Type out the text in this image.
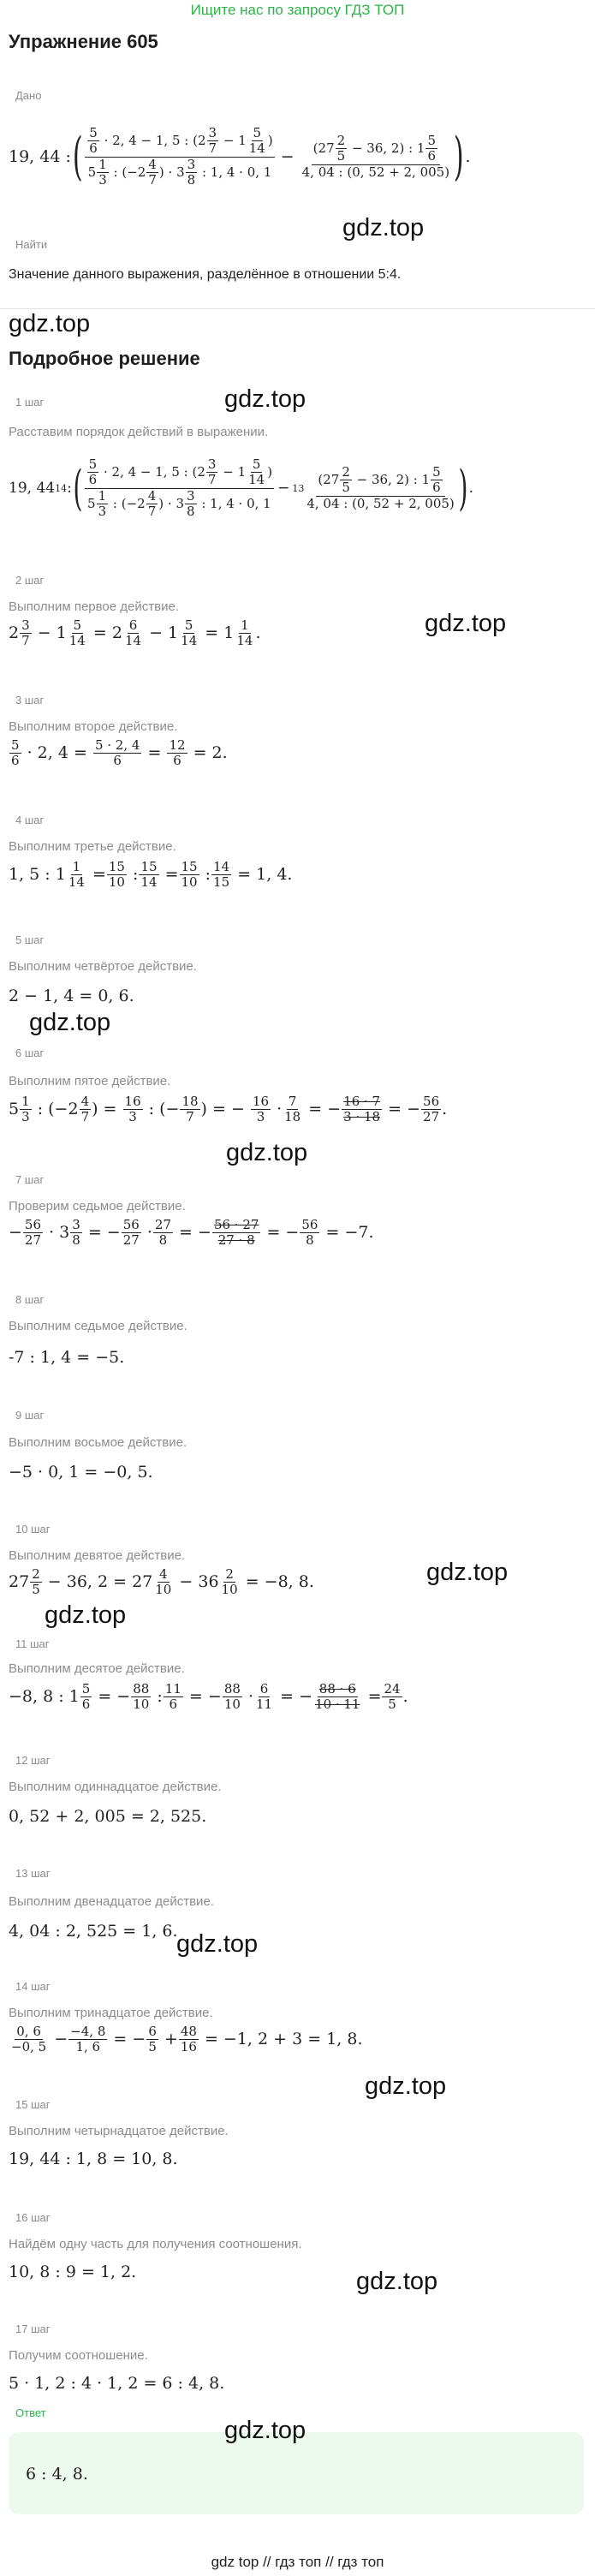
Ищите нас по запросу ГДЗ ТОП
Упражнение 605
Дано
19, 44 : ( $\frac{\frac{5}{6} \cdot 2, 4 - 1, 5 : (2 \frac{3}{7} - 1 \frac{5}{14} )}{5 \frac{1}{3} : (-2 \frac{4}{7} ) \cdot 3 \frac{3}{8} : 1, 4 \cdot 0, 1} - \frac{(27 \frac{2}{5} - 36, 2) : 1 \frac{5}{6}}{4, 04 : (0, 52 + 2, 005)}$ ) .
gdz.top
Найти
Значение данного выражения, разделённое в отношении 5:4.
gdz.top
Подробное решение
gdz.top
1 шаг
Расставим порядок действий в выражении.
19, 44 14 : ( $\frac{\frac{5}{6} \cdot 2, 4 - 1, 5 : (2 \frac{3}{7} - 1 \frac{5}{14} )}{5 \frac{1}{3} : (-2 \frac{4}{7} ) \cdot 3 \frac{3}{8} : 1, 4 \cdot 0, 1} - 13 \frac{(27 \frac{2}{5} - 36, 2) : 1 \frac{5}{6}}{4, 04 : (0, 52 + 2, 005)}$ ) .
2 шаг
Выполним первое действие.
$2 \frac{3}{7} - 1 \frac{5}{14} = 2 \frac{6}{14} - 1 \frac{5}{14} = 1 \frac{1}{14}$ .	gdz.top
3 шаг
Выполним второе действие.
$\frac{5}{6} \cdot 2$, $4 = \frac{5 \cdot 2, 4}{6} = \frac{12}{6} = 2$.
4 шаг
Выполним третье действие.
1, 5 : $1 \frac{1}{14} = \frac{15}{10}$ : $\frac{15}{14} = \frac{15}{10}$ : $\frac{14}{15} = 1$, 4.
5 шаг
Выполним четвёртое действие.
2 − 1, 4 = 0, 6.
gdz.top
6 шаг
Выполним пятое действие.
$5 \frac{1}{3}$ : ($-2 \frac{4}{7}$ ) = $\frac{16}{3}$ : (− $\frac{18}{7}$ ) = − $\frac{16}{3} \cdot \frac{7}{18}$ = − $\frac{16 \cdot 7}{3 \cdot 18}$ = − $\frac{56}{27}$ .
gdz.top
7 шаг
Проверим седьмое действие.
− $\frac{56}{27} \cdot 3 \frac{3}{8}$ = − $\frac{56}{27} \cdot \frac{27}{8}$ = − $\frac{56 \cdot 27}{27 \cdot 8}$ = − $\frac{56}{8} = -7$.
8 шаг
Выполним седьмое действие.
-7 : 1, 4 = −5.
9 шаг
Выполним восьмое действие.
−5 · 0, 1 = −0, 5.
10 шаг
Выполним девятое действие.
$27 \frac{2}{5} - 36$, $2 = 27 \frac{4}{10} - 36 \frac{2}{10} = -8$, 8.	gdz.top
gdz.top
11 шаг
Выполним десятое действие.
−8, 8 : $1 \frac{5}{6}$ = − $\frac{88}{10}$ : $\frac{11}{6}$ = − $\frac{88}{10} \cdot \frac{6}{11}$ = − $\frac{88 \cdot 6}{10 \cdot 11} = \frac{24}{5}$ .
12 шаг
Выполним одиннадцатое действие.
0, 52 + 2, 005 = 2, 525.
13 шаг
Выполним двенадцатое действие.
4, 04 : 2, 525 = 1, 6.
gdz.top
14 шаг
Выполним тринадцатое действие.
$\frac{0, 6}{-0, 5} - \frac{-4, 8}{1, 6}$ = − $\frac{6}{5} + \frac{48}{16} = -1$, 2 + 3 = 1, 8.
gdz.top
15 шаг
Выполним четырнадцатое действие.
19, 44 : 1, 8 = 10, 8.
16 шаг
Найдём одну часть для получения соотношения.
10, 8 : 9 = 1, 2.	gdz.top
17 шаг
Получим соотношение.
5 · 1, 2 : 4 · 1, 2 = 6 : 4, 8.
Ответ
6 : 4, 8.
gdz.top
gdz top // гдз топ // гдз топ
